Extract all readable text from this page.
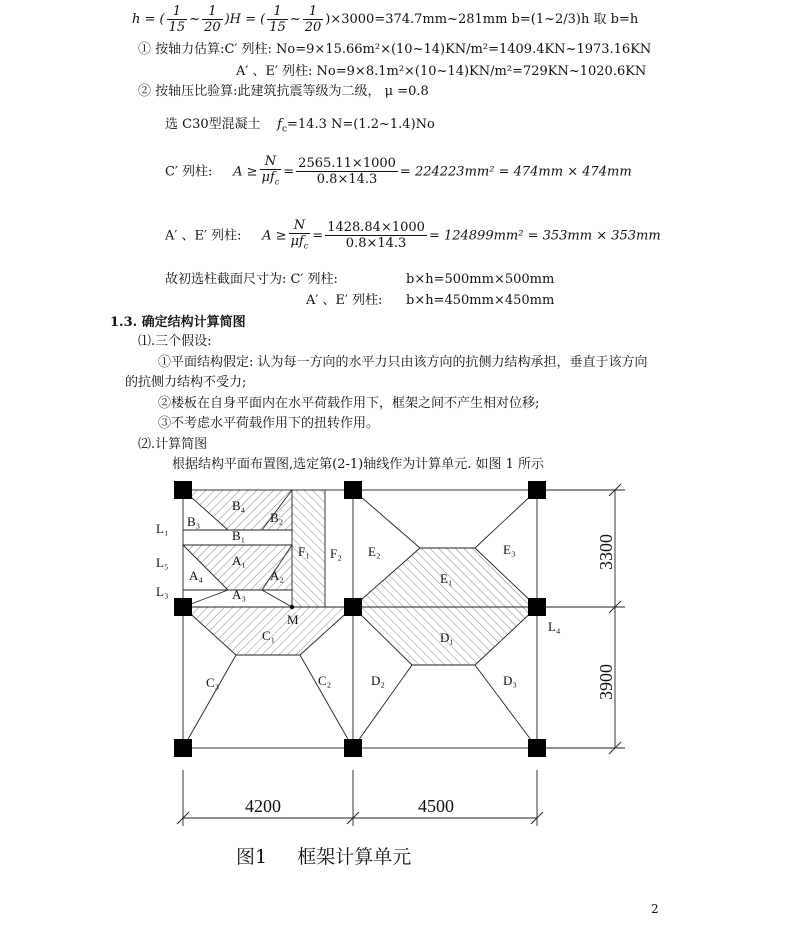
h = ( $\frac{1}{15}$ ~ $\frac{1}{20} )H$ = ( $\frac{1}{15}$ ~ $\frac{1}{20}$ )×3000=374.7mm~281mm b=(1~2/3)h 取 b=h
① 按轴力估算:C′ 列柱: No=9×15.66m²×(10~14)KN/m²=1409.4KN~1973.16KN
A′ 、E′ 列柱: No=9×8.1m²×(10~14)KN/m²=729KN~1020.6KN
② 按轴压比验算:此建筑抗震等级为二级， μ =0.8
选 C30型混凝土 $f_c=14.3$ N=(1.2~1.4)No
C′ 列柱: $A \ge \frac{N}{\mu f_c} = \frac{2565.11\times 1000}{0.8\times 14.3} = 224223mm^2 = 474mm \times 474mm$
A′ 、E′ 列柱: $A \ge \frac{N}{\mu f_c} = \frac{1428.84\times 1000}{0.8\times 14.3} = 124899mm^2 = 353mm \times 353mm$
故初选柱截面尺寸为: C′ 列柱:	b×h=500mm×500mm
A′ 、E′ 列柱: b×h=450mm×450mm
1.3. 确定结构计算简图
⑴.三个假设:
①平面结构假定: 认为每一方向的水平力只由该方向的抗侧力结构承担，垂直于该方向
的抗侧力结构不受力;
②楼板在自身平面内在水平荷载作用下，框架之间不产生相对位移;
③不考虑水平荷载作用下的扭转作用。
⑵.计算简图
根据结构平面布置图,选定第(2-1)轴线作为计算单元. 如图 1 所示
B₄
B₃	B₂
B₁
L₁
L₅
L₃
L₄
A₁
A₂
A₄
A₃
F₁ F₂ E₂	E₃
E₁
M
C₁	D₁
C₃	C₂	D₂	D₃
3300
3900
4200	4500
图1     框架计算单元
2
